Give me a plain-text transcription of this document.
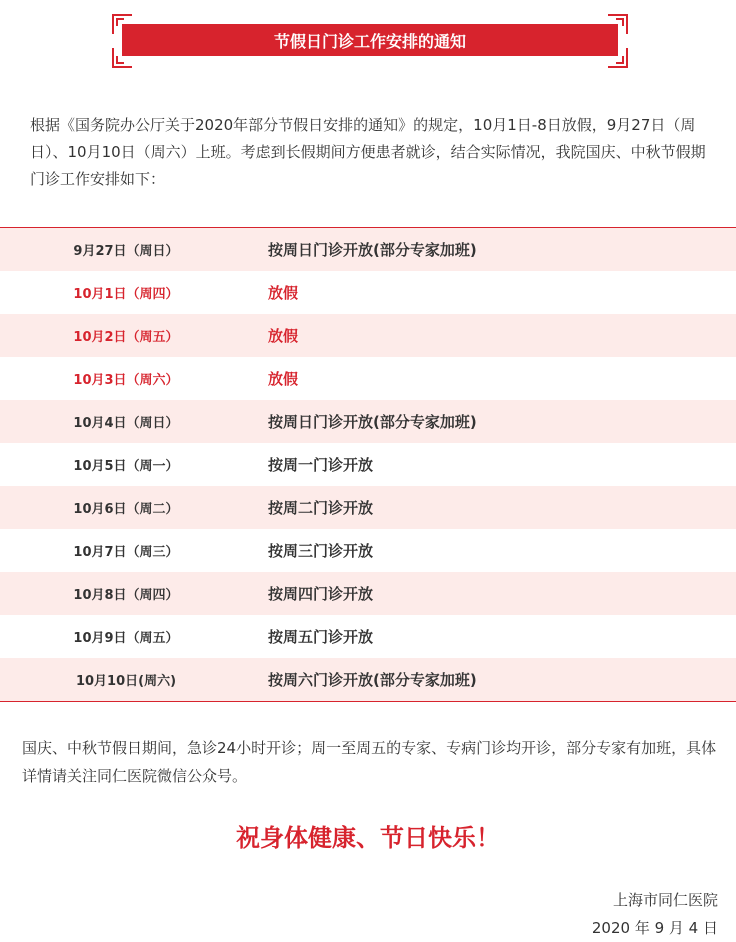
节假日门诊工作安排的通知
根据《国务院办公厅关于2020年部分节假日安排的通知》的规定，10月1日-8日放假，9月27日（周日）、10月10日（周六）上班。考虑到长假期间方便患者就诊，结合实际情况，我院国庆、中秋节假期门诊工作安排如下：
9月27日（周日）	按周日门诊开放(部分专家加班)
10月1日（周四）	放假
10月2日（周五）	放假
10月3日（周六）	放假
10月4日（周日）	按周日门诊开放(部分专家加班)
10月5日（周一）	按周一门诊开放
10月6日（周二）	按周二门诊开放
10月7日（周三）	按周三门诊开放
10月8日（周四）	按周四门诊开放
10月9日（周五）	按周五门诊开放
10月10日(周六)	按周六门诊开放(部分专家加班)
国庆、中秋节假日期间，急诊24小时开诊；周一至周五的专家、专病门诊均开诊，部分专家有加班，具体详情请关注同仁医院微信公众号。
祝身体健康、节日快乐！
上海市同仁医院
2020 年 9 月 4 日
